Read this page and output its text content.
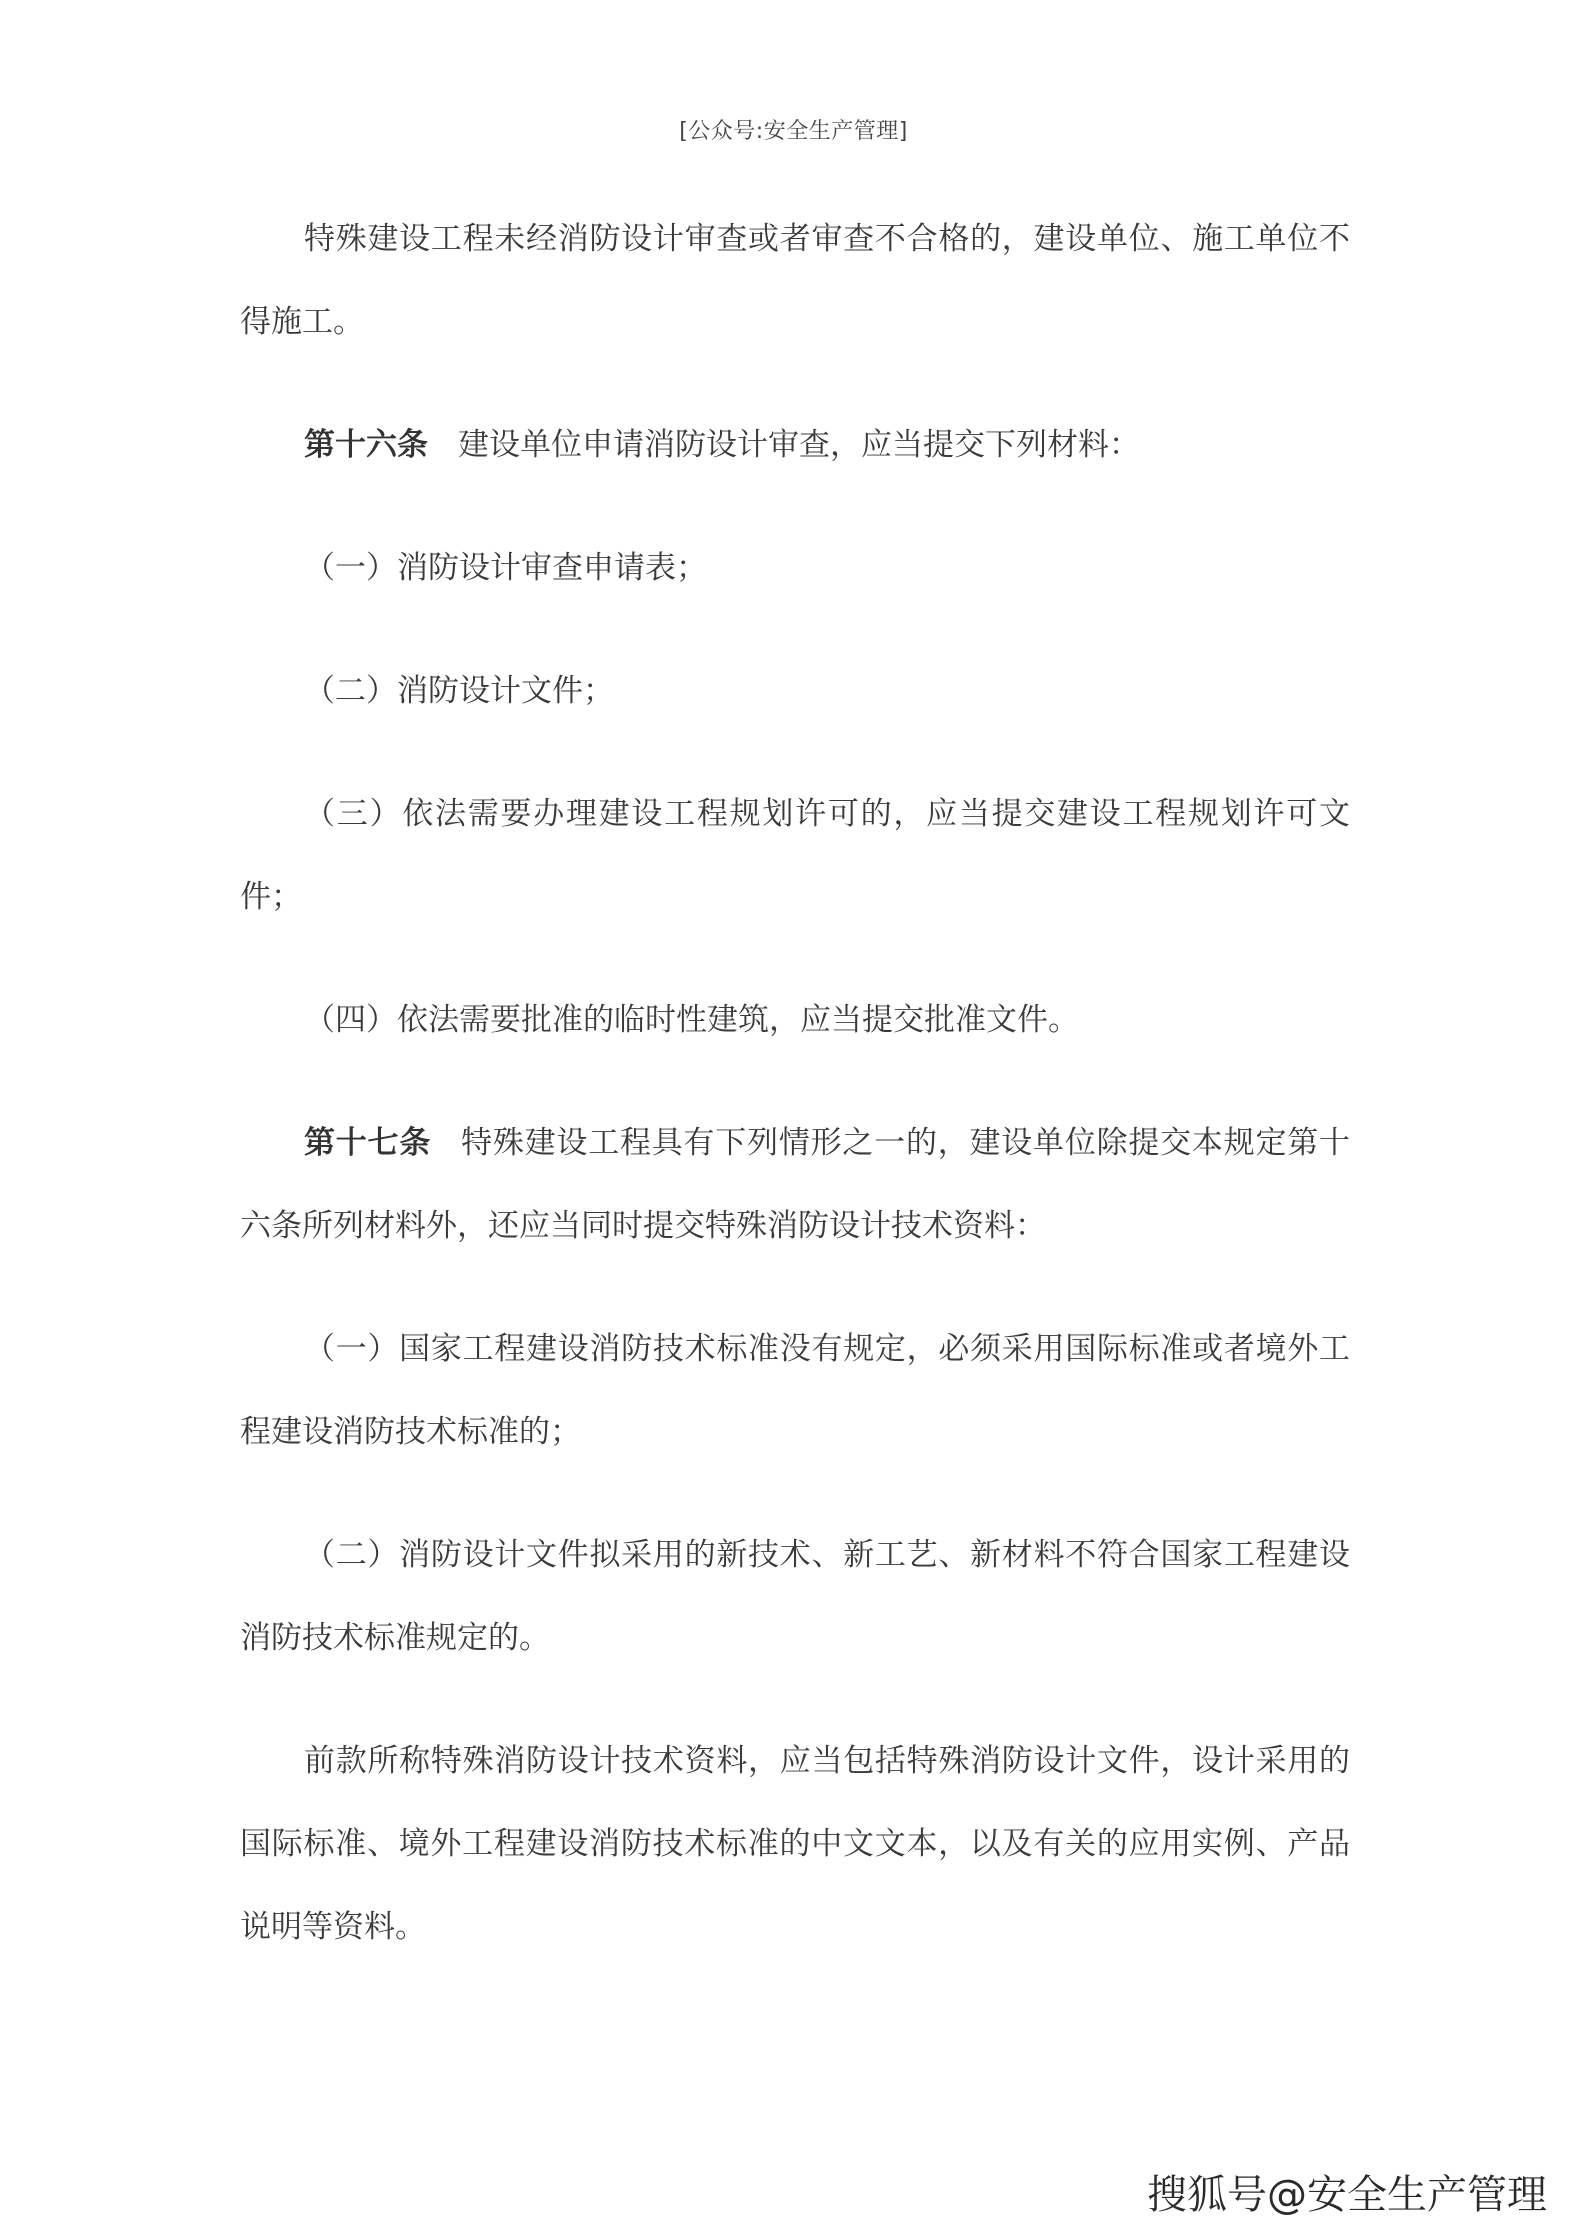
[公众号:安全生产管理]

特殊建设工程未经消防设计审查或者审查不合格的，建设单位、施工单位不得施工。

第十六条 建设单位申请消防设计审查，应当提交下列材料：

（一）消防设计审查申请表；

（二）消防设计文件；

（三）依法需要办理建设工程规划许可的，应当提交建设工程规划许可文件；

（四）依法需要批准的临时性建筑，应当提交批准文件。

第十七条 特殊建设工程具有下列情形之一的，建设单位除提交本规定第十六条所列材料外，还应当同时提交特殊消防设计技术资料：

（一）国家工程建设消防技术标准没有规定，必须采用国际标准或者境外工程建设消防技术标准的；

（二）消防设计文件拟采用的新技术、新工艺、新材料不符合国家工程建设消防技术标准规定的。

前款所称特殊消防设计技术资料，应当包括特殊消防设计文件，设计采用的国际标准、境外工程建设消防技术标准的中文文本，以及有关的应用实例、产品说明等资料。

搜狐号@安全生产管理
